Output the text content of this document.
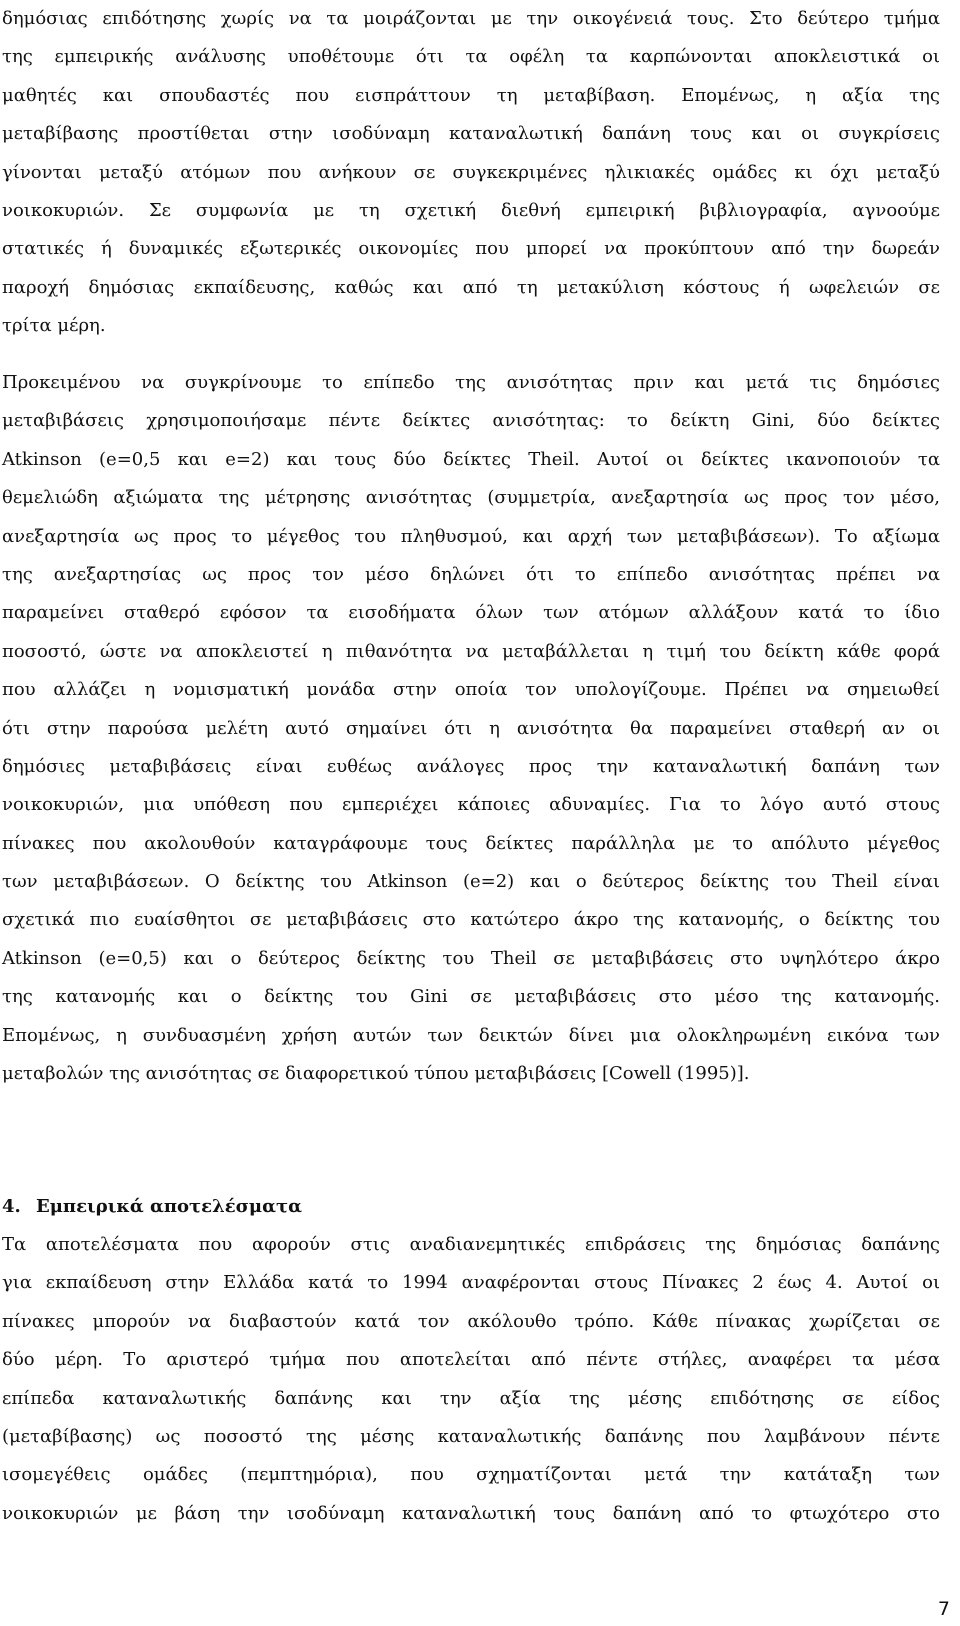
δημόσιας επιδότησης χωρίς να τα μοιράζονται με την οικογένειά τους. Στο δεύτερο τμήμα
της εμπειρικής ανάλυσης υποθέτουμε ότι τα οφέλη τα καρπώνονται αποκλειστικά οι
μαθητές και σπουδαστές που εισπράττουν τη μεταβίβαση. Επομένως, η αξία της
μεταβίβασης προστίθεται στην ισοδύναμη καταναλωτική δαπάνη τους και οι συγκρίσεις
γίνονται μεταξύ ατόμων που ανήκουν σε συγκεκριμένες ηλικιακές ομάδες κι όχι μεταξύ
νοικοκυριών. Σε συμφωνία με τη σχετική διεθνή εμπειρική βιβλιογραφία, αγνοούμε
στατικές ή δυναμικές εξωτερικές οικονομίες που μπορεί να προκύπτουν από την δωρεάν
παροχή δημόσιας εκπαίδευσης, καθώς και από τη μετακύλιση κόστους ή ωφελειών σε
τρίτα μέρη.
Προκειμένου να συγκρίνουμε το επίπεδο της ανισότητας πριν και μετά τις δημόσιες
μεταβιβάσεις χρησιμοποιήσαμε πέντε δείκτες ανισότητας: το δείκτη Gini, δύο δείκτες
Atkinson (e=0,5 και e=2) και τους δύο δείκτες Theil. Αυτοί οι δείκτες ικανοποιούν τα
θεμελιώδη αξιώματα της μέτρησης ανισότητας (συμμετρία, ανεξαρτησία ως προς τον μέσο,
ανεξαρτησία ως προς το μέγεθος του πληθυσμού, και αρχή των μεταβιβάσεων). Το αξίωμα
της ανεξαρτησίας ως προς τον μέσο δηλώνει ότι το επίπεδο ανισότητας πρέπει να
παραμείνει σταθερό εφόσον τα εισοδήματα όλων των ατόμων αλλάξουν κατά το ίδιο
ποσοστό, ώστε να αποκλειστεί η πιθανότητα να μεταβάλλεται η τιμή του δείκτη κάθε φορά
που αλλάζει η νομισματική μονάδα στην οποία τον υπολογίζουμε. Πρέπει να σημειωθεί
ότι στην παρούσα μελέτη αυτό σημαίνει ότι η ανισότητα θα παραμείνει σταθερή αν οι
δημόσιες μεταβιβάσεις είναι ευθέως ανάλογες προς την καταναλωτική δαπάνη των
νοικοκυριών, μια υπόθεση που εμπεριέχει κάποιες αδυναμίες. Για το λόγο αυτό στους
πίνακες που ακολουθούν καταγράφουμε τους δείκτες παράλληλα με το απόλυτο μέγεθος
των μεταβιβάσεων. Ο δείκτης του Atkinson (e=2) και ο δεύτερος δείκτης του Theil είναι
σχετικά πιο ευαίσθητοι σε μεταβιβάσεις στο κατώτερο άκρο της κατανομής, ο δείκτης του
Atkinson (e=0,5) και ο δεύτερος δείκτης του Theil σε μεταβιβάσεις στο υψηλότερο άκρο
της κατανομής και ο δείκτης του Gini σε μεταβιβάσεις στο μέσο της κατανομής.
Επομένως, η συνδυασμένη χρήση αυτών των δεικτών δίνει μια ολοκληρωμένη εικόνα των
μεταβολών της ανισότητας σε διαφορετικού τύπου μεταβιβάσεις [Cowell (1995)].
4. Εμπειρικά αποτελέσματα
Τα αποτελέσματα που αφορούν στις αναδιανεμητικές επιδράσεις της δημόσιας δαπάνης
για εκπαίδευση στην Ελλάδα κατά το 1994 αναφέρονται στους Πίνακες 2 έως 4. Αυτοί οι
πίνακες μπορούν να διαβαστούν κατά τον ακόλουθο τρόπο. Κάθε πίνακας χωρίζεται σε
δύο μέρη. Το αριστερό τμήμα που αποτελείται από πέντε στήλες, αναφέρει τα μέσα
επίπεδα καταναλωτικής δαπάνης και την αξία της μέσης επιδότησης σε είδος
(μεταβίβασης) ως ποσοστό της μέσης καταναλωτικής δαπάνης που λαμβάνουν πέντε
ισομεγέθεις ομάδες (πεμπτημόρια), που σχηματίζονται μετά την κατάταξη των
νοικοκυριών με βάση την ισοδύναμη καταναλωτική τους δαπάνη από το φτωχότερο στο
7
